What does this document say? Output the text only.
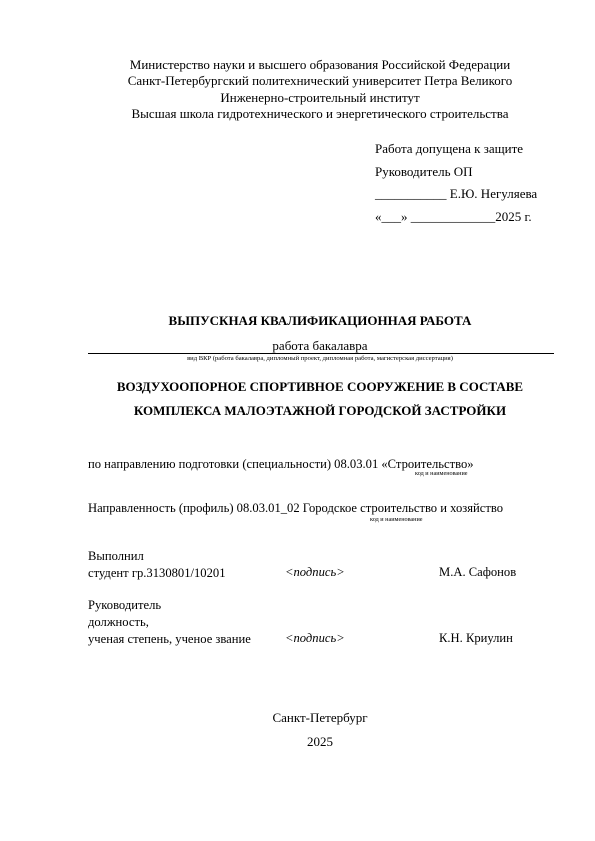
Министерство науки и высшего образования Российской Федерации
Санкт-Петербургский политехнический университет Петра Великого
Инженерно-строительный институт
Высшая школа гидротехнического и энергетического строительства
Работа допущена к защите
Руководитель ОП
___________ Е.Ю. Негуляева
«___» _____________2025 г.
ВЫПУСКНАЯ КВАЛИФИКАЦИОННАЯ РАБОТА
работа бакалавра
вид ВКР (работа бакалавра, дипломный проект, дипломная работа, магистерская диссертация)
ВОЗДУХООПОРНОЕ СПОРТИВНОЕ СООРУЖЕНИЕ В СОСТАВЕ
КОМПЛЕКСА МАЛОЭТАЖНОЙ ГОРОДСКОЙ ЗАСТРОЙКИ
по направлению подготовки (специальности) 08.03.01 «Строительство»
код и наименование
Направленность (профиль) 08.03.01_02 Городское строительство и хозяйство
код и наименование
Выполнил
студент гр.3130801/10201	<подпись>	М.А. Сафонов
Руководитель
должность,
ученая степень, ученое звание	<подпись>	К.Н. Криулин
Санкт-Петербург
2025
